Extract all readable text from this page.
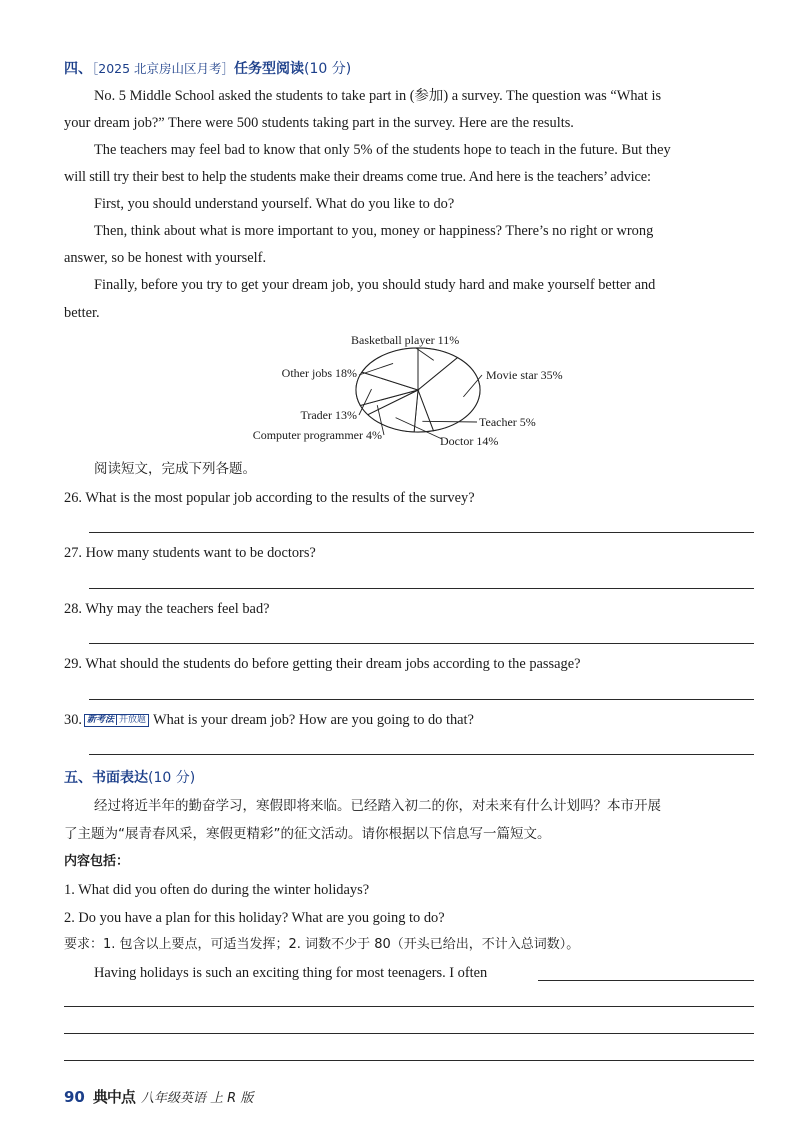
四、［2025 北京房山区月考］任务型阅读(10 分)
No. 5 Middle School asked the students to take part in (参加) a survey. The question was “What is
your dream job?” There were 500 students taking part in the survey. Here are the results.
The teachers may feel bad to know that only 5% of the students hope to teach in the future. But they
will still try their best to help the students make their dreams come true. And here is the teachers’ advice:
First, you should understand yourself. What do you like to do?
Then, think about what is more important to you, money or happiness? There’s no right or wrong
answer, so be honest with yourself.
Finally, before you try to get your dream job, you should study hard and make yourself better and
better.
Basketball player 11%
Movie star 35%
Teacher 5%
Doctor 14%
Computer programmer 4%
Trader 13%
Other jobs 18%
阅读短文，完成下列各题。
26. What is the most popular job according to the results of the survey?
27. How many students want to be doctors?
28. Why may the teachers feel bad?
29. What should the students do before getting their dream jobs according to the passage?
30. 新考法 开放题 What is your dream job? How are you going to do that?
五、书面表达(10 分)
经过将近半年的勤奋学习，寒假即将来临。已经踏入初二的你，对未来有什么计划吗？本市开展
了主题为“展青春风采，寒假更精彩”的征文活动。请你根据以下信息写一篇短文。
内容包括：
1. What did you often do during the winter holidays?
2. Do you have a plan for this holiday? What are you going to do?
要求：1. 包含以上要点，可适当发挥；2. 词数不少于 80（开头已给出，不计入总词数）。
Having holidays is such an exciting thing for most teenagers. I often
90 典中点 八年级英语 上 R 版
